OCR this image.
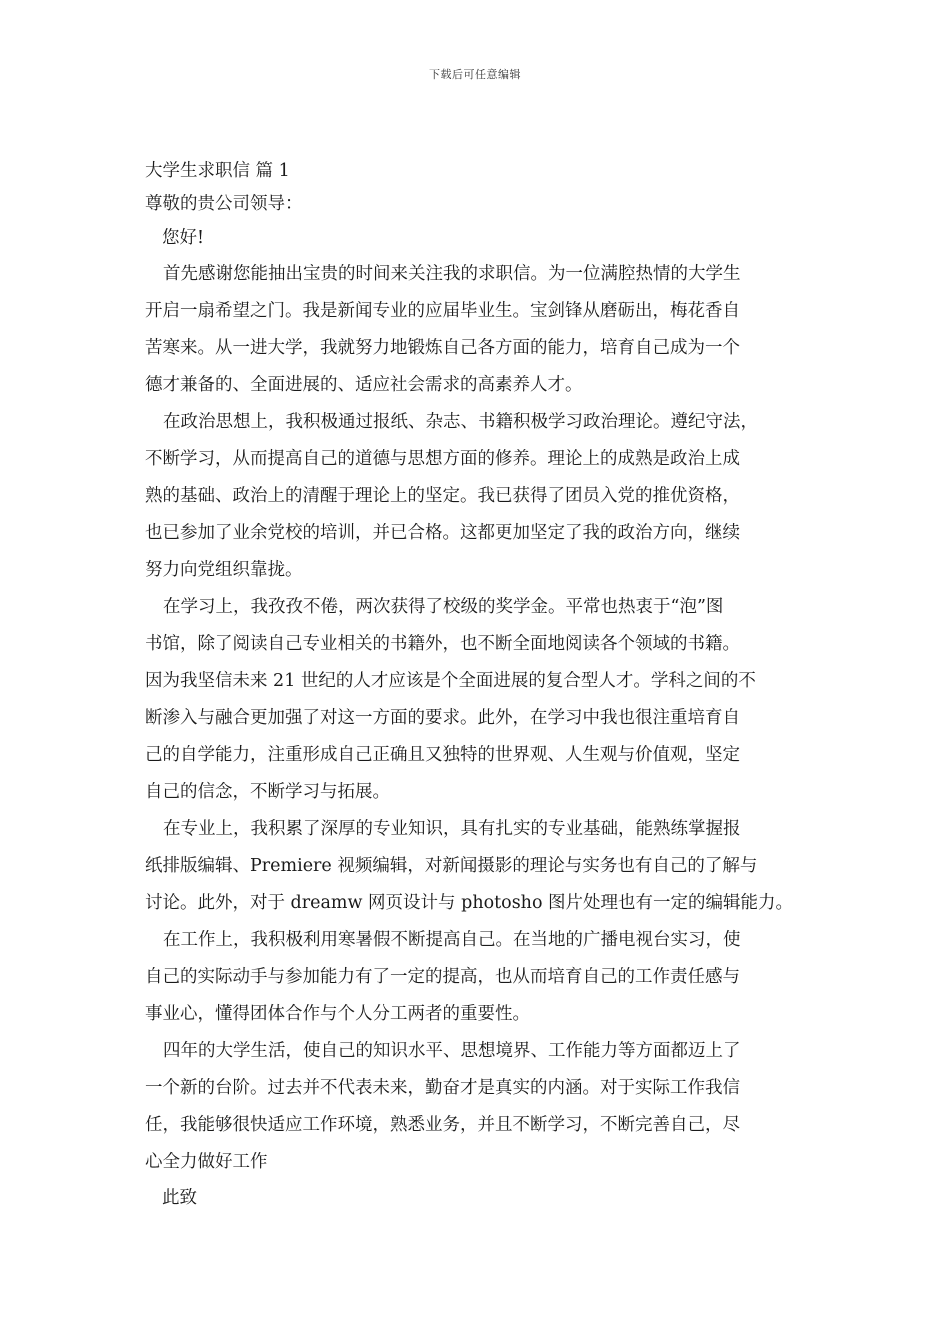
下载后可任意编辑

大学生求职信 篇 1

尊敬的贵公司领导：

您好!

首先感谢您能抽出宝贵的时间来关注我的求职信。为一位满腔热情的大学生
开启一扇希望之门。我是新闻专业的应届毕业生。宝剑锋从磨砺出，梅花香自
苦寒来。从一进大学，我就努力地锻炼自己各方面的能力，培育自己成为一个
德才兼备的、全面进展的、适应社会需求的高素养人才。
在政治思想上，我积极通过报纸、杂志、书籍积极学习政治理论。遵纪守法，
不断学习，从而提高自己的道德与思想方面的修养。理论上的成熟是政治上成
熟的基础、政治上的清醒于理论上的坚定。我已获得了团员入党的推优资格，
也已参加了业余党校的培训，并已合格。这都更加坚定了我的政治方向，继续
努力向党组织靠拢。
在学习上，我孜孜不倦，两次获得了校级的奖学金。平常也热衷于“泡”图
书馆，除了阅读自己专业相关的书籍外，也不断全面地阅读各个领域的书籍。
因为我坚信未来 21 世纪的人才应该是个全面进展的复合型人才。学科之间的不
断渗入与融合更加强了对这一方面的要求。此外，在学习中我也很注重培育自
己的自学能力，注重形成自己正确且又独特的世界观、人生观与价值观，坚定
自己的信念，不断学习与拓展。
在专业上，我积累了深厚的专业知识，具有扎实的专业基础，能熟练掌握报
纸排版编辑、Premiere 视频编辑，对新闻摄影的理论与实务也有自己的了解与
讨论。此外，对于 dreamw 网页设计与 photosho 图片处理也有一定的编辑能力。
在工作上，我积极利用寒暑假不断提高自己。在当地的广播电视台实习，使
自己的实际动手与参加能力有了一定的提高，也从而培育自己的工作责任感与
事业心，懂得团体合作与个人分工两者的重要性。
四年的大学生活，使自己的知识水平、思想境界、工作能力等方面都迈上了
一个新的台阶。过去并不代表未来，勤奋才是真实的内涵。对于实际工作我信
任，我能够很快适应工作环境，熟悉业务，并且不断学习，不断完善自己，尽
心全力做好工作

此致
